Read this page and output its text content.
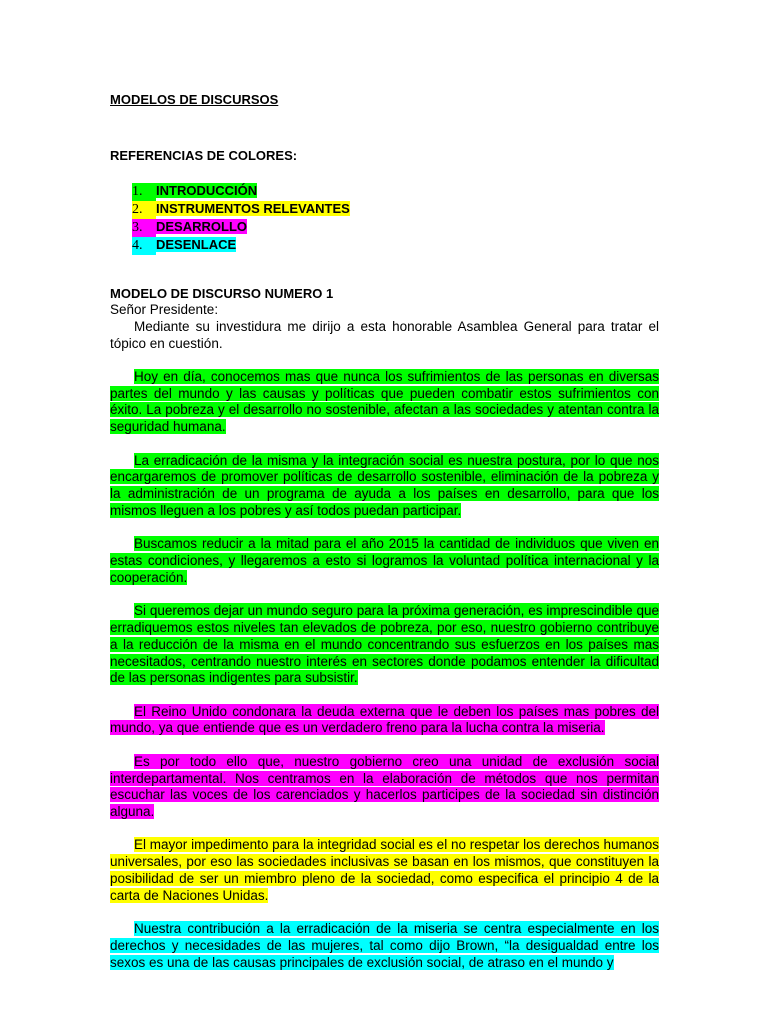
MODELOS DE DISCURSOS
REFERENCIAS DE COLORES:
1. INTRODUCCIÓN
2. INSTRUMENTOS RELEVANTES
3. DESARROLLO
4. DESENLACE
MODELO DE DISCURSO NUMERO 1

Señor Presidente:

Mediante su investidura me dirijo a esta honorable Asamblea General para tratar el tópico en cuestión.

Hoy en día, conocemos mas que nunca los sufrimientos de las personas en diversas partes del mundo y las causas y políticas que pueden combatir estos sufrimientos con éxito. La pobreza y el desarrollo no sostenible, afectan a las sociedades y atentan contra la seguridad humana.

La erradicación de la misma y la integración social es nuestra postura, por lo que nos encargaremos de promover políticas de desarrollo sostenible, eliminación de la pobreza y la administración de un programa de ayuda a los países en desarrollo, para que los mismos lleguen a los pobres y así todos puedan participar.

Buscamos reducir a la mitad para el año 2015 la cantidad de individuos que viven en estas condiciones, y llegaremos a esto si logramos la voluntad política internacional y la cooperación.

Si queremos dejar un mundo seguro para la próxima generación, es imprescindible que erradiquemos estos niveles tan elevados de pobreza, por eso, nuestro gobierno contribuye a la reducción de la misma en el mundo concentrando sus esfuerzos en los países mas necesitados, centrando nuestro interés en sectores donde podamos entender la dificultad de las personas indigentes para subsistir.

El Reino Unido condonara la deuda externa que le deben los países mas pobres del mundo, ya que entiende que es un verdadero freno para la lucha contra la miseria.

Es por todo ello que, nuestro gobierno creo una unidad de exclusión social interdepartamental. Nos centramos en la elaboración de métodos que nos permitan escuchar las voces de los carenciados y hacerlos participes de la sociedad sin distinción alguna.

El mayor impedimento para la integridad social es el no respetar los derechos humanos universales, por eso las sociedades inclusivas se basan en los mismos, que constituyen la posibilidad de ser un miembro pleno de la sociedad, como especifica el principio 4 de la carta de Naciones Unidas.

Nuestra contribución a la erradicación de la miseria se centra especialmente en los derechos y necesidades de las mujeres, tal como dijo Brown, “la desigualdad entre los sexos es una de las causas principales de exclusión social, de atraso en el mundo y
